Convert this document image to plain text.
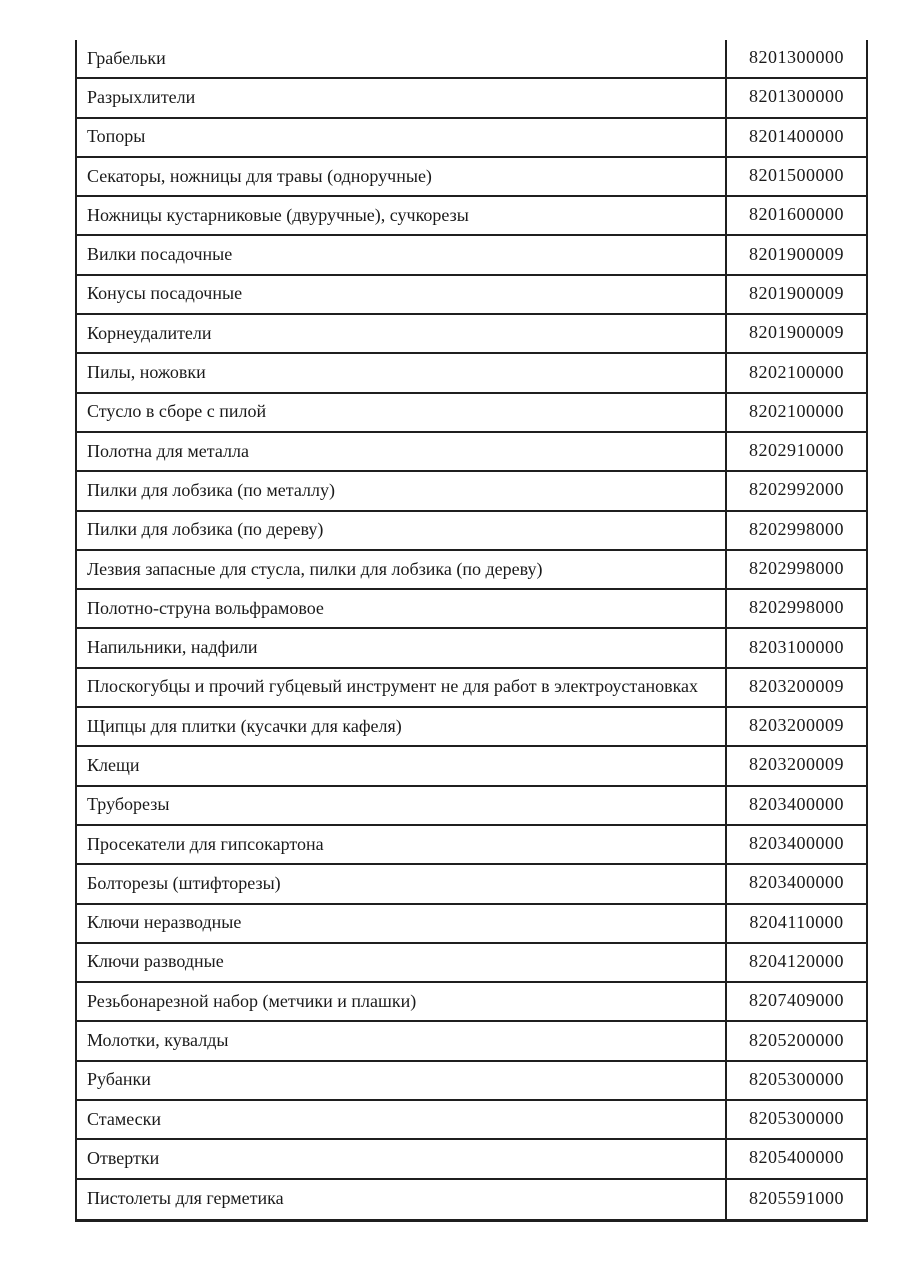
Грабельки	8201300000
Разрыхлители	8201300000
Топоры	8201400000
Секаторы, ножницы для травы (одноручные)	8201500000
Ножницы кустарниковые (двуручные), сучкорезы	8201600000
Вилки посадочные	8201900009
Конусы посадочные	8201900009
Корнеудалители	8201900009
Пилы, ножовки	8202100000
Стусло в сборе с пилой	8202100000
Полотна для металла	8202910000
Пилки для лобзика (по металлу)	8202992000
Пилки для лобзика (по дереву)	8202998000
Лезвия запасные для стусла, пилки для лобзика (по дереву)	8202998000
Полотно-струна вольфрамовое	8202998000
Напильники, надфили	8203100000
Плоскогубцы и прочий губцевый инструмент не для работ в электроустановках	8203200009
Щипцы для плитки (кусачки для кафеля)	8203200009
Клещи	8203200009
Труборезы	8203400000
Просекатели для гипсокартона	8203400000
Болторезы (штифторезы)	8203400000
Ключи неразводные	8204110000
Ключи разводные	8204120000
Резьбонарезной набор (метчики и плашки)	8207409000
Молотки, кувалды	8205200000
Рубанки	8205300000
Стамески	8205300000
Отвертки	8205400000
Пистолеты для герметика	8205591000
